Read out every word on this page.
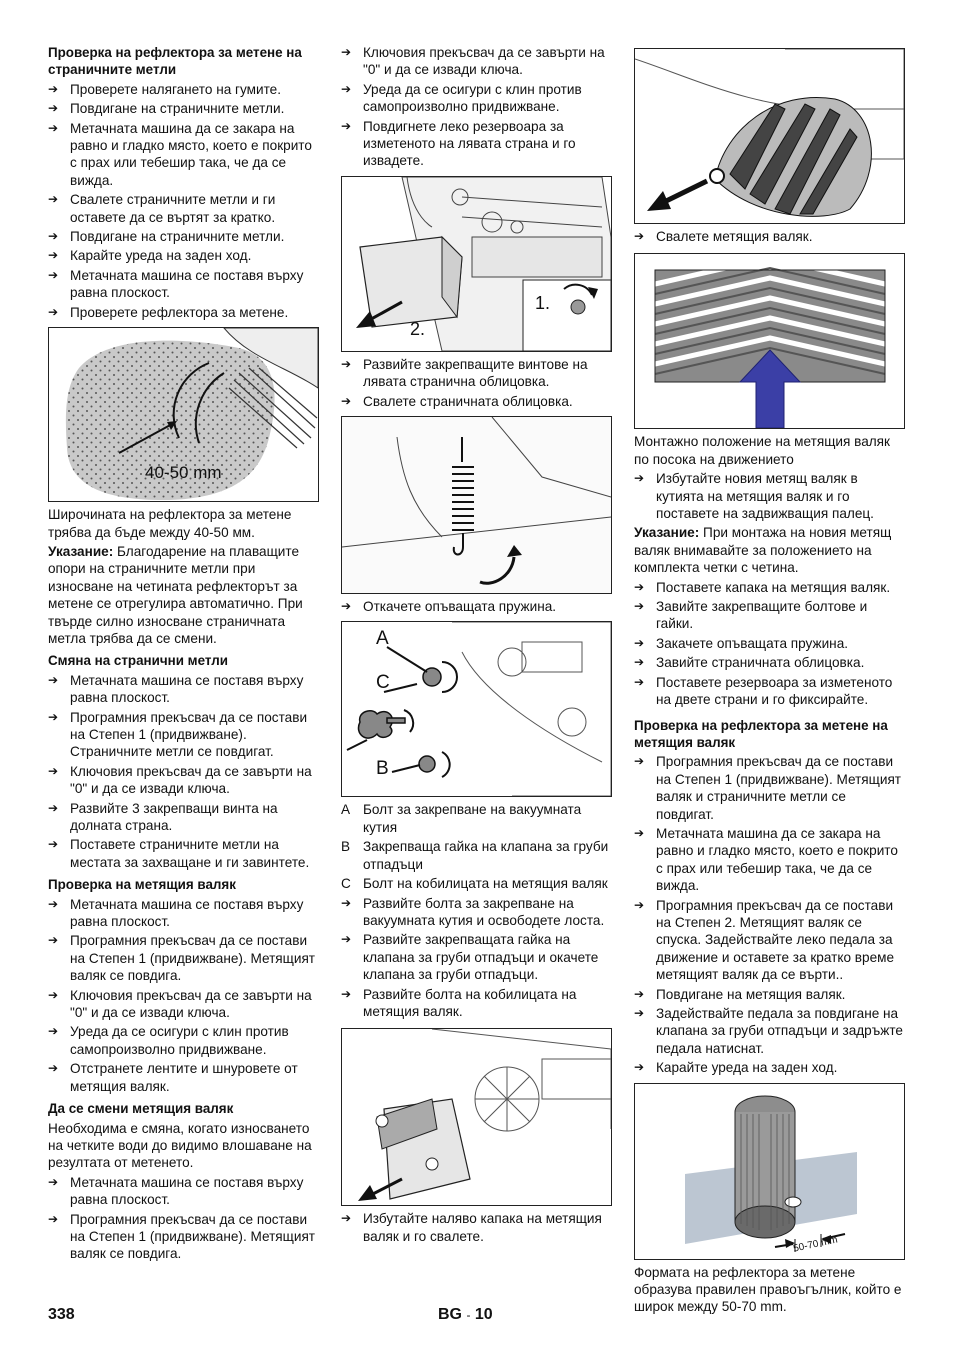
Проверка на рефлектора за метене на страничните метли
➔ Проверете налягането на гумите.
➔ Повдигане на страничните метли.
➔ Метачната машина да се закара на равно и гладко място, което е покрито с прах или тебешир така, че да се вижда.
➔ Свалете страничните метли и ги оставете да се въртят за кратко.
➔ Повдигане на страничните метли.
➔ Карайте уреда на заден ход.
➔ Метачната машина се поставя върху равна плоскост.
➔ Проверете рефлектора за метене.
40-50 mm

Широчината на рефлектора за метене трябва да бъде между 40-50 мм.

Указание: Благодарение на плаващите опори на страничните метли при износване на четината рефлекторът за метене се отрегулира автоматично. При твърде силно износване страничната метла трябва да се смени.

Смяна на странични метли
➔ Метачната машина се поставя върху равна плоскост.
➔ Програмния прекъсвач да се постави на Степен 1 (придвижване). Страничните метли се повдигат.
➔ Ключовия прекъсвач да се завърти на "0" и да се извади ключа.
➔ Развийте 3 закрепващи винта на долната страна.
➔ Поставете страничните метли на местата за захващане и ги завинтете.
Проверка на метящия валяк
➔ Метачната машина се поставя върху равна плоскост.
➔ Програмния прекъсвач да се постави на Степен 1 (придвижване). Метящият валяк се повдига.
➔ Ключовия прекъсвач да се завърти на "0" и да се извади ключа.
➔ Уреда да се осигури с клин против самопроизволно придвижване.
➔ Отстранете лентите и шнуровете от метящия валяк.
Да се смени метящия валяк

Необходима е смяна, когато износването на четките води до видимо влошаване на резултата от метенето.

➔ Метачната машина се поставя върху равна плоскост.
➔ Програмния прекъсвач да се постави на Степен 1 (придвижване). Метящият валяк се повдига.
➔ Ключовия прекъсвач да се завърти на "0" и да се извади ключа.
➔ Уреда да се осигури с клин против самопроизволно придвижване.
➔ Повдигнете леко резервоара за изметеното на лявата страна и го извадете.
1.
2.
➔ Развийте закрепващите винтове на лявата странична облицовка.
➔ Свалете страничната облицовка.
➔ Откачете опъващата пружина.
A
C
B
A Болт за закрепване на вакуумната кутия
B Закрепваща гайка на клапана за груби отпадъци
C Болт на кобилицата на метящия валяк
➔ Развийте болта за закрепване на вакуумната кутия и освободете лоста.
➔ Развийте закрепващата гайка на клапана за груби отпадъци и окачете клапана за груби отпадъци.
➔ Развийте болта на кобилицата на метящия валяк.
➔ Избутайте наляво капака на метящия валяк и го свалете.
➔ Свалете метящия валяк.

Монтажно положение на метящия валяк по посока на движението

➔ Избутайте новия метящ валяк в кутията на метящия валяк и го поставете на задвижващия палец.

Указание: При монтажа на новия метящ валяк внимавайте за положението на комплекта четки с четина.

➔ Поставете капака на метящия валяк.
➔ Завийте закрепващите болтове и гайки.
➔ Закачете опъващата пружина.
➔ Завийте страничната облицовка.
➔ Поставете резервоара за изметеното на двете страни и го фиксирайте.
Проверка на рефлектора за метене на метящия валяк
➔ Програмния прекъсвач да се постави на Степен 1 (придвижване). Метящият валяк и страничните метли се повдигат.
➔ Метачната машина да се закара на равно и гладко място, което е покрито с прах или тебешир така, че да се вижда.
➔ Програмния прекъсвач да се постави на Степен 2. Метящият валяк се спуска. Задействайте леко педала за движение и оставете за кратко време метящият валяк да се върти..
➔ Повдигане на метящия валяк.
➔ Задействайте педала за повдигане на клапана за груби отпадъци и задръжте педала натиснат.
➔ Карайте уреда на заден ход.
50-70 mm

Формата на рефлектора за метене образува правилен правоъгълник, който е широк между 50-70 mm.

338	BG - 10
